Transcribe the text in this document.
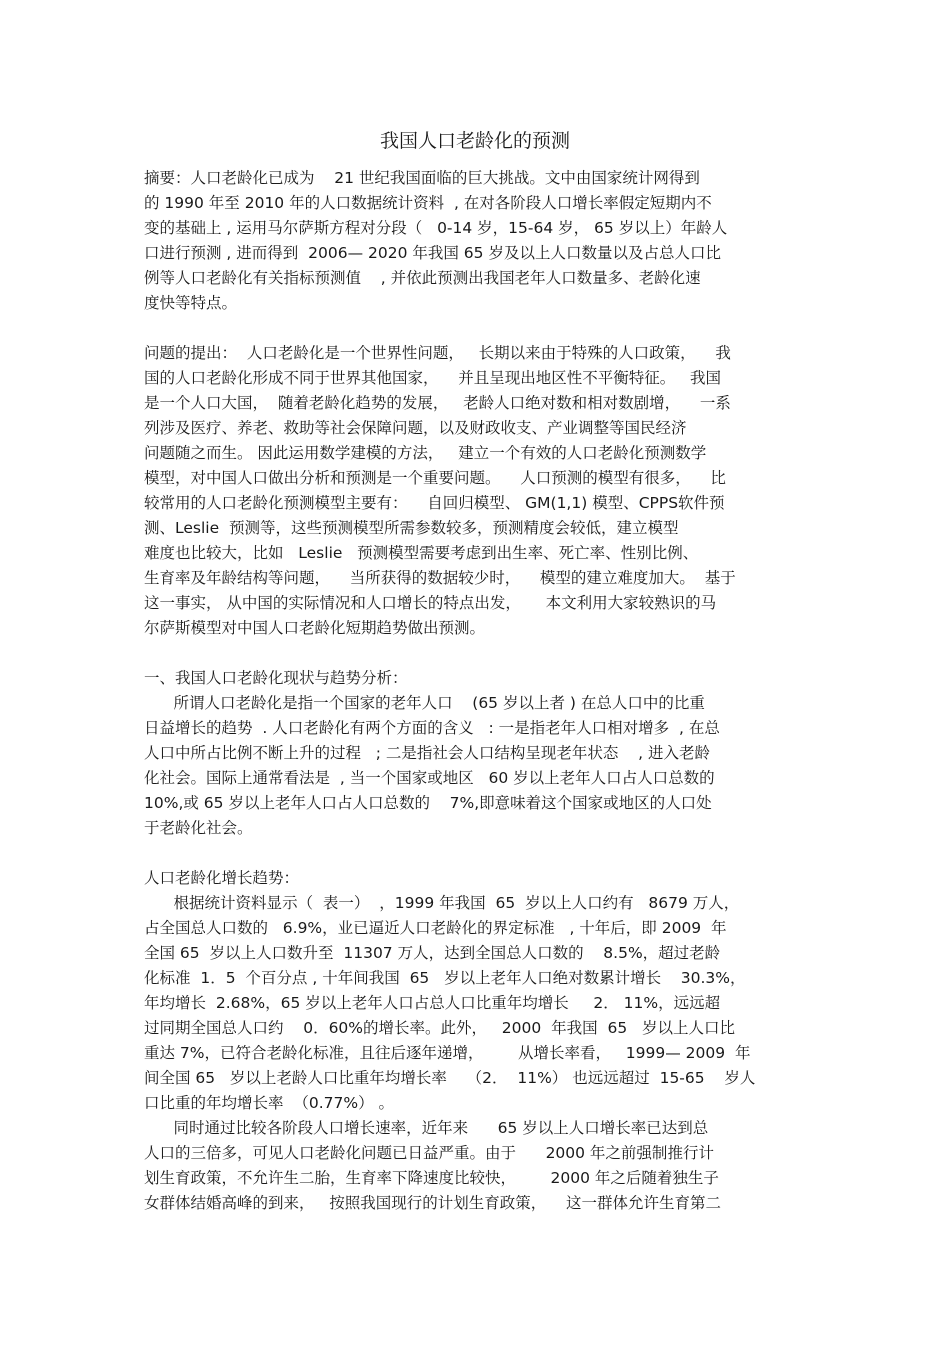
我国人口老龄化的预测
摘要：人口老龄化已成为    21 世纪我国面临的巨大挑战。文中由国家统计网得到
的 1990 年至 2010 年的人口数据统计资料  , 在对各阶段人口增长率假定短期内不
变的基础上 , 运用马尔萨斯方程对分段（   0-14 岁，15-64 岁， 65 岁以上）年龄人
口进行预测 , 进而得到  2006— 2020 年我国 65 岁及以上人口数量以及占总人口比
例等人口老龄化有关指标预测值    , 并依此预测出我国老年人口数量多、老龄化速
度快等特点。
问题的提出：  人口老龄化是一个世界性问题，   长期以来由于特殊的人口政策，    我
国的人口老龄化形成不同于世界其他国家，    并且呈现出地区性不平衡特征。   我国
是一个人口大国，  随着老龄化趋势的发展，   老龄人口绝对数和相对数剧增，    一系
列涉及医疗、养老、救助等社会保障问题，以及财政收支、产业调整等国民经济
问题随之而生。 因此运用数学建模的方法，   建立一个有效的人口老龄化预测数学
模型，对中国人口做出分析和预测是一个重要问题。    人口预测的模型有很多，    比
较常用的人口老龄化预测模型主要有：    自回归模型、 GM(1,1) 模型、CPPS软件预
测、Leslie  预测等，这些预测模型所需参数较多，预测精度会较低，建立模型
难度也比较大，比如   Leslie   预测模型需要考虑到出生率、死亡率、性别比例、
生育率及年龄结构等问题，    当所获得的数据较少时，    模型的建立难度加大。  基于
这一事实， 从中国的实际情况和人口增长的特点出发，     本文利用大家较熟识的马
尔萨斯模型对中国人口老龄化短期趋势做出预测。
一、我国人口老龄化现状与趋势分析：
所谓人口老龄化是指一个国家的老年人口    (65 岁以上者 ) 在总人口中的比重
日益增长的趋势  . 人口老龄化有两个方面的含义   : 一是指老年人口相对增多  , 在总
人口中所占比例不断上升的过程   ; 二是指社会人口结构呈现老年状态    , 进入老龄
化社会。国际上通常看法是  , 当一个国家或地区   60 岁以上老年人口占人口总数的
10%,或 65 岁以上老年人口占人口总数的    7%,即意味着这个国家或地区的人口处
于老龄化社会。
人口老龄化增长趋势：
根据统计资料显示（  表一）  ，1999 年我国  65  岁以上人口约有   8679 万人，
占全国总人口数的   6.9%，业已逼近人口老龄化的界定标准   , 十年后，即 2009  年
全国 65  岁以上人口数升至  11307 万人，达到全国总人口数的    8.5%，超过老龄
化标准  1．5  个百分点 , 十年间我国  65   岁以上老年人口绝对数累计增长    30.3%，
年均增长  2.68%，65 岁以上老年人口占总人口比重年均增长     2． 11%，远远超
过同期全国总人口约    0．60%的增长率。此外，   2000  年我国  65   岁以上人口比
重达 7%，已符合老龄化标准，且往后逐年递增，       从增长率看，   1999— 2009  年
间全国 65   岁以上老龄人口比重年均增长率    （2．  11%） 也远远超过  15-65    岁人
口比重的年均增长率  （0.77%） 。
同时通过比较各阶段人口增长速率，近年来      65 岁以上人口增长率已达到总
人口的三倍多，可见人口老龄化问题已日益严重。由于      2000 年之前强制推行计
划生育政策，不允许生二胎，生育率下降速度比较快，       2000 年之后随着独生子
女群体结婚高峰的到来，   按照我国现行的计划生育政策，    这一群体允许生育第二
